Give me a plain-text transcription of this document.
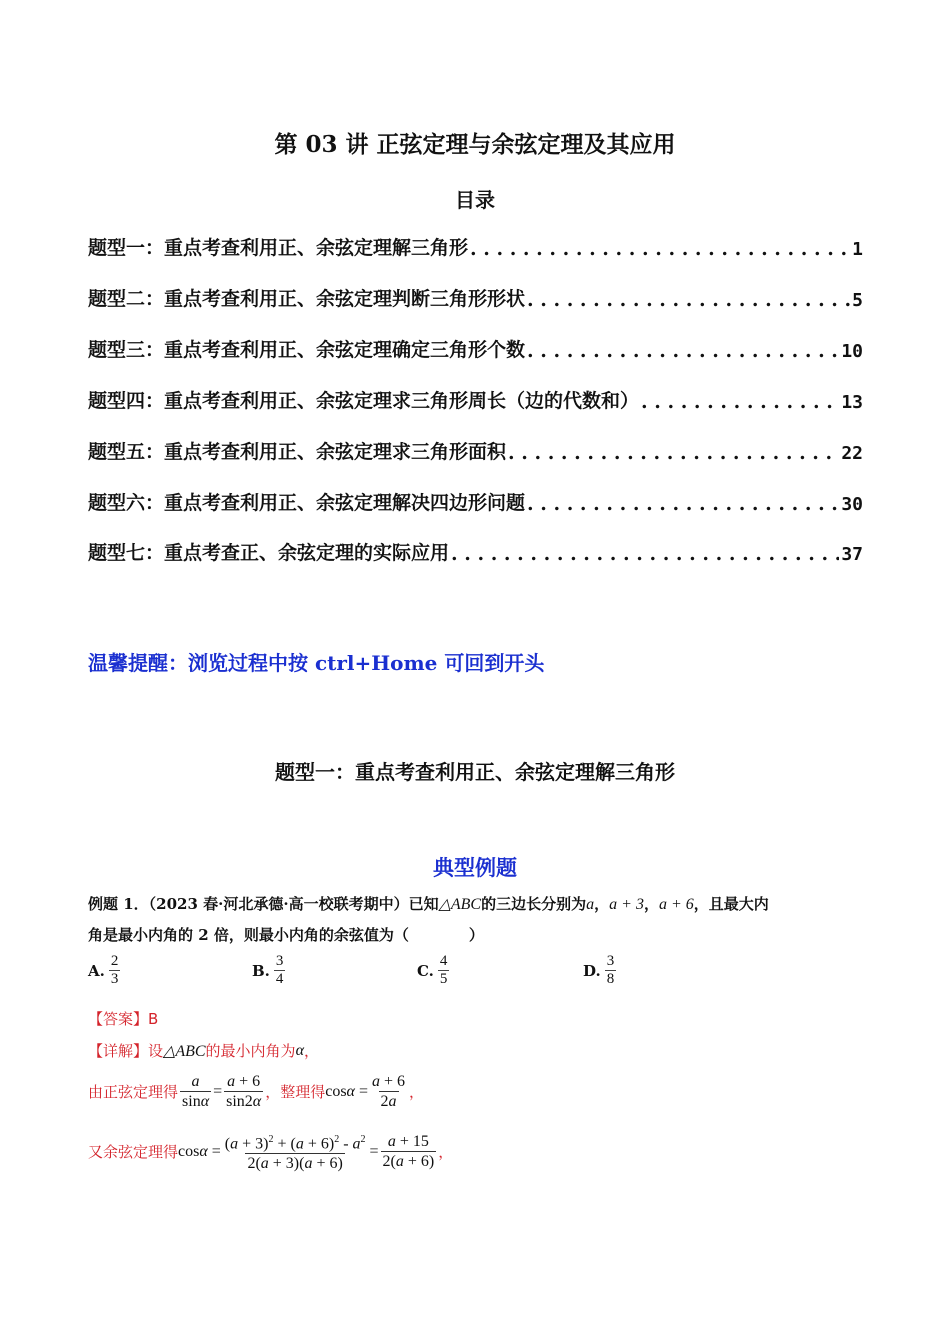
第 03 讲 正弦定理与余弦定理及其应用
目录
题型一：重点考查利用正、余弦定理解三角形 . . .	1
题型二：重点考查利用正、余弦定理判断三角形形状 . . .	5
题型三：重点考查利用正、余弦定理确定三角形个数 . . .	10
题型四：重点考查利用正、余弦定理求三角形周长（边的代数和） . . .	13
题型五：重点考查利用正、余弦定理求三角形面积 . . .	22
题型六：重点考查利用正、余弦定理解决四边形问题 . . .	30
题型七：重点考查正、余弦定理的实际应用 . . .	37
温馨提醒：浏览过程中按 ctrl+Home 可回到开头
题型一：重点考查利用正、余弦定理解三角形
典型例题
例题 1．（2023 春·河北承德·高一校联考期中）已知△ABC的三边长分别为a，a + 3，a + 6，且最大内
角是最小内角的 2 倍，则最小内角的余弦值为（　　　　）
A. $\frac{2}{3}$	B. $\frac{3}{4}$	C. $\frac{4}{5}$	D. $\frac{3}{8}$
【答案】B
【详解】设 △ABC 的最小内角为 α ，
由正弦定理得 $\frac{a}{\sin\alpha} = \frac{a + 6}{\sin 2\alpha}$ ，整理得 $\cos\alpha = \frac{a + 6}{2a}$ ，
又余弦定理得 $\cos\alpha = \frac{(a + 3)^2 + (a + 6)^2 - a^2}{2(a + 3)(a + 6)} = \frac{a + 15}{2(a + 6)}$ ，
